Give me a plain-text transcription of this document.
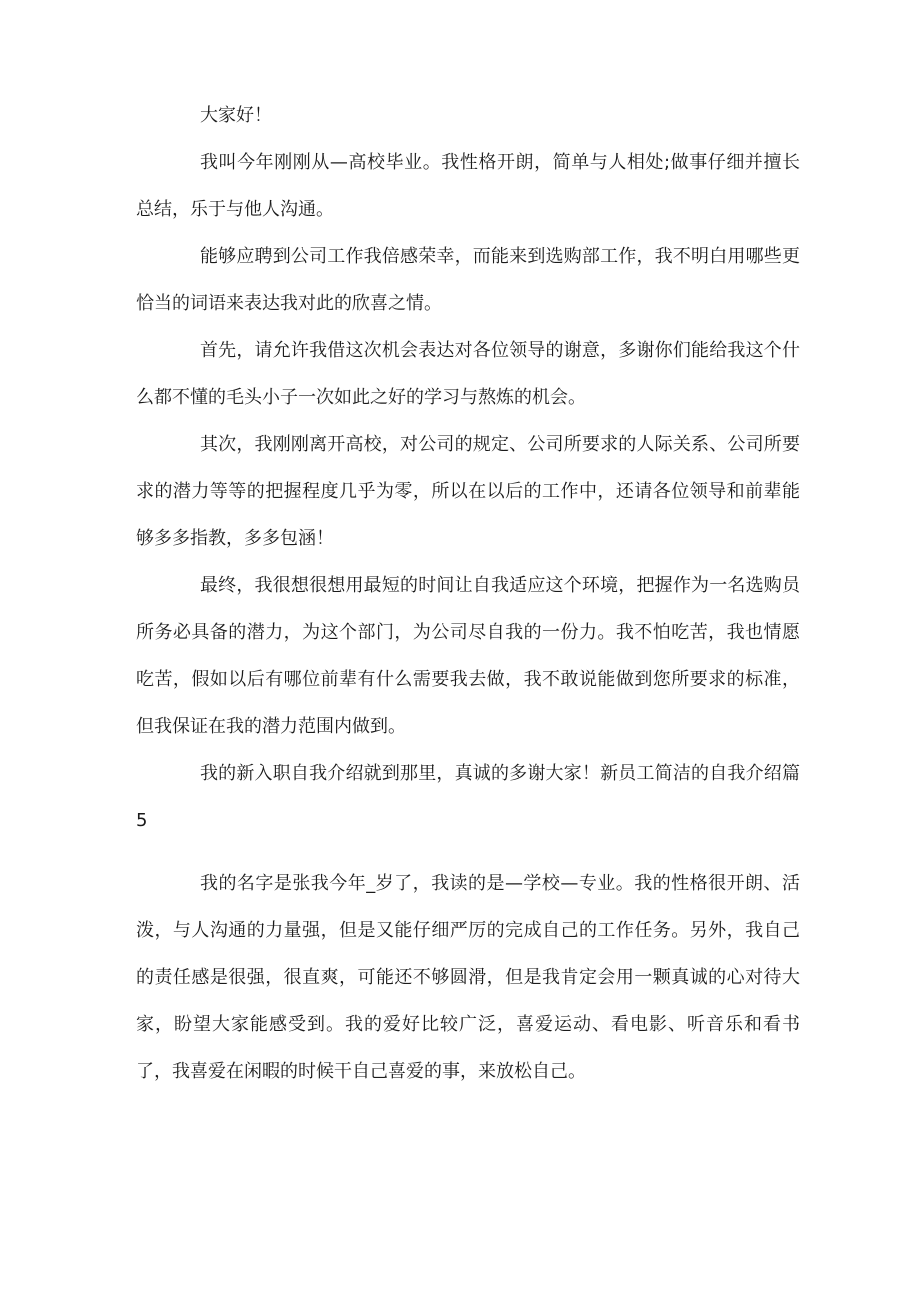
大家好！

我叫今年刚刚从—高校毕业。我性格开朗，简单与人相处;做事仔细并擅长总结，乐于与他人沟通。

能够应聘到公司工作我倍感荣幸，而能来到选购部工作，我不明白用哪些更恰当的词语来表达我对此的欣喜之情。

首先，请允许我借这次机会表达对各位领导的谢意，多谢你们能给我这个什么都不懂的毛头小子一次如此之好的学习与熬炼的机会。

其次，我刚刚离开高校，对公司的规定、公司所要求的人际关系、公司所要求的潜力等等的把握程度几乎为零，所以在以后的工作中，还请各位领导和前辈能够多多指教，多多包涵！

最终，我很想很想用最短的时间让自我适应这个环境，把握作为一名选购员所务必具备的潜力，为这个部门，为公司尽自我的一份力。我不怕吃苦，我也情愿吃苦，假如以后有哪位前辈有什么需要我去做，我不敢说能做到您所要求的标准，但我保证在我的潜力范围内做到。

我的新入职自我介绍就到那里，真诚的多谢大家！新员工简洁的自我介绍篇 5

我的名字是张我今年_岁了，我读的是—学校—专业。我的性格很开朗、活泼，与人沟通的力量强，但是又能仔细严厉的完成自己的工作任务。另外，我自己的责任感是很强，很直爽，可能还不够圆滑，但是我肯定会用一颗真诚的心对待大家，盼望大家能感受到。我的爱好比较广泛，喜爱运动、看电影、听音乐和看书了，我喜爱在闲暇的时候干自己喜爱的事，来放松自己。
